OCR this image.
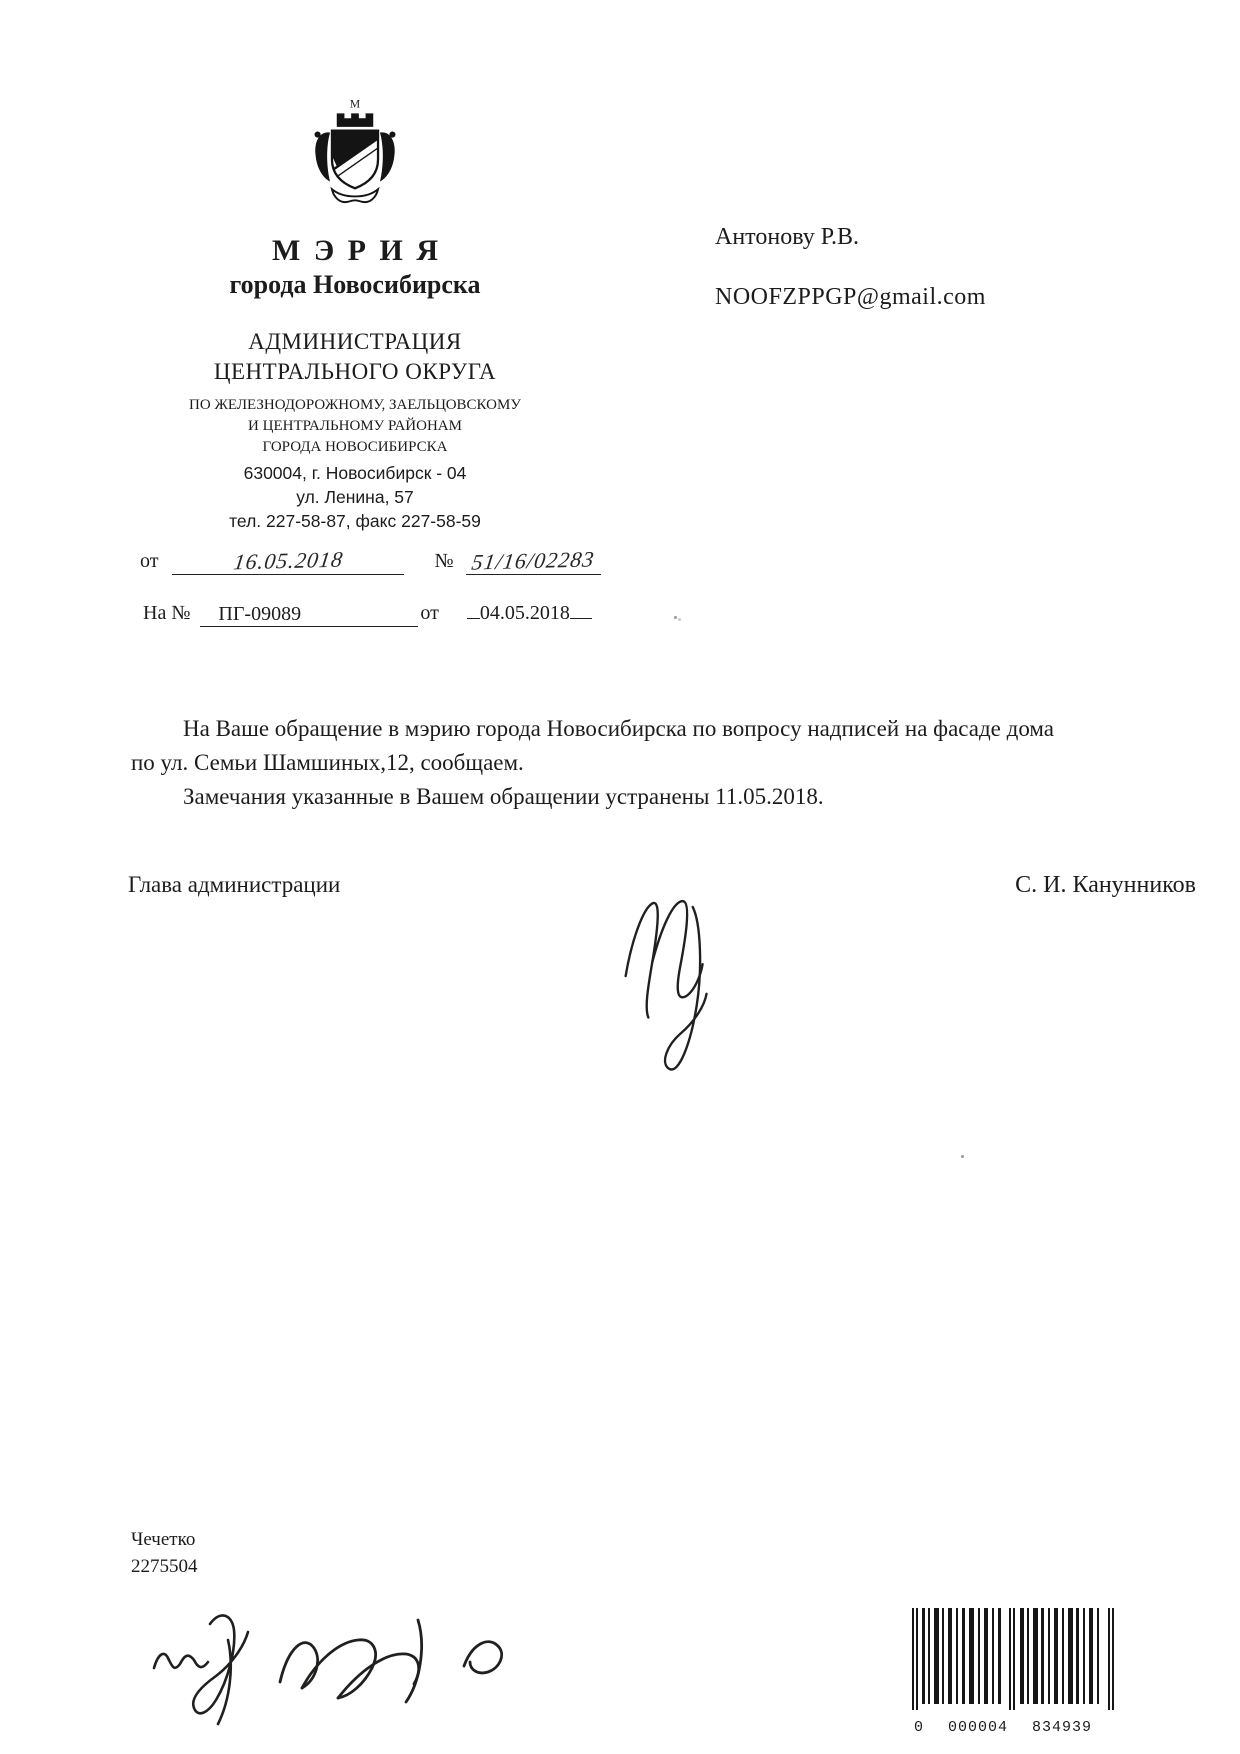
М
МЭРИЯ
города Новосибирска
АДМИНИСТРАЦИЯ
ЦЕНТРАЛЬНОГО ОКРУГА
ПО ЖЕЛЕЗНОДОРОЖНОМУ, ЗАЕЛЬЦОВСКОМУ
И ЦЕНТРАЛЬНОМУ РАЙОНАМ
ГОРОДА НОВОСИБИРСКА
630004, г. Новосибирск - 04
ул. Ленина, 57
тел. 227-58-87, факс 227-58-59
от	16.05.2018	№ 51/16/02283
На №	ПГ-09089	от	04.05.2018
Антонову Р.В.
NOOFZPPGP@gmail.com

На Ваше обращение в мэрию города Новосибирска по вопросу надписей на фасаде дома по ул. Семьи Шамшиных,12, сообщаем.

Замечания указанные в Вашем обращении устранены 11.05.2018.

Глава администрации	С. И. Канунников
Чечетко
2275504
0 000004 834939
